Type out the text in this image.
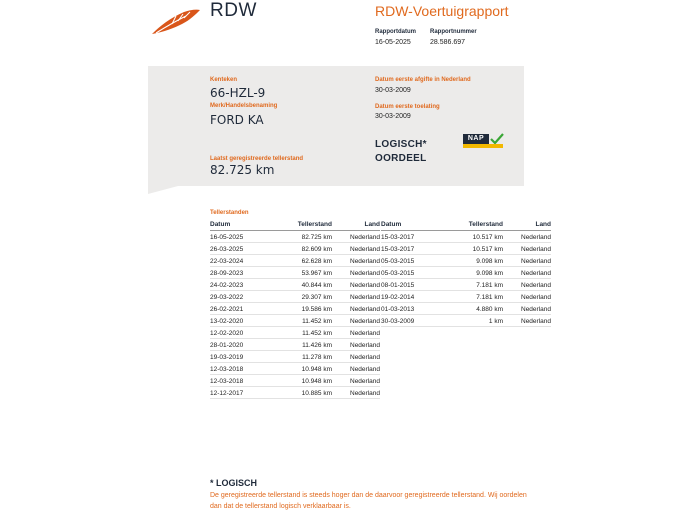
RDW	RDW-Voertuigrapport
Rapportdatum Rapportnummer
16-05-2025	28.586.697
Kenteken
66-HZL-9
Merk/Handelsbenaming
FORD KA
Laatst geregistreerde tellerstand
82.725 km
Datum eerste afgifte in Nederland
30-03-2009
Datum eerste toelating
30-03-2009
LOGISCH*
OORDEEL
NAP
Tellerstanden
Datum	Tellerstand	Land
16-05-2025	82.725 km	Nederland
26-03-2025	82.609 km	Nederland
22-03-2024	62.628 km	Nederland
28-09-2023	53.967 km	Nederland
24-02-2023	40.844 km	Nederland
29-03-2022	29.307 km	Nederland
26-02-2021	19.586 km	Nederland
13-02-2020	11.452 km	Nederland
12-02-2020	11.452 km	Nederland
28-01-2020	11.426 km	Nederland
19-03-2019	11.278 km	Nederland
12-03-2018	10.948 km	Nederland
12-03-2018	10.948 km	Nederland
12-12-2017	10.885 km	Nederland
Datum	Tellerstand	Land
15-03-2017	10.517 km	Nederland
15-03-2017	10.517 km	Nederland
05-03-2015	9.098 km	Nederland
05-03-2015	9.098 km	Nederland
08-01-2015	7.181 km	Nederland
19-02-2014	7.181 km	Nederland
01-03-2013	4.880 km	Nederland
30-03-2009	1 km	Nederland
* LOGISCH
De geregistreerde tellerstand is steeds hoger dan de daarvoor geregistreerde tellerstand. Wij oordelen dan dat de tellerstand logisch verklaarbaar is.
